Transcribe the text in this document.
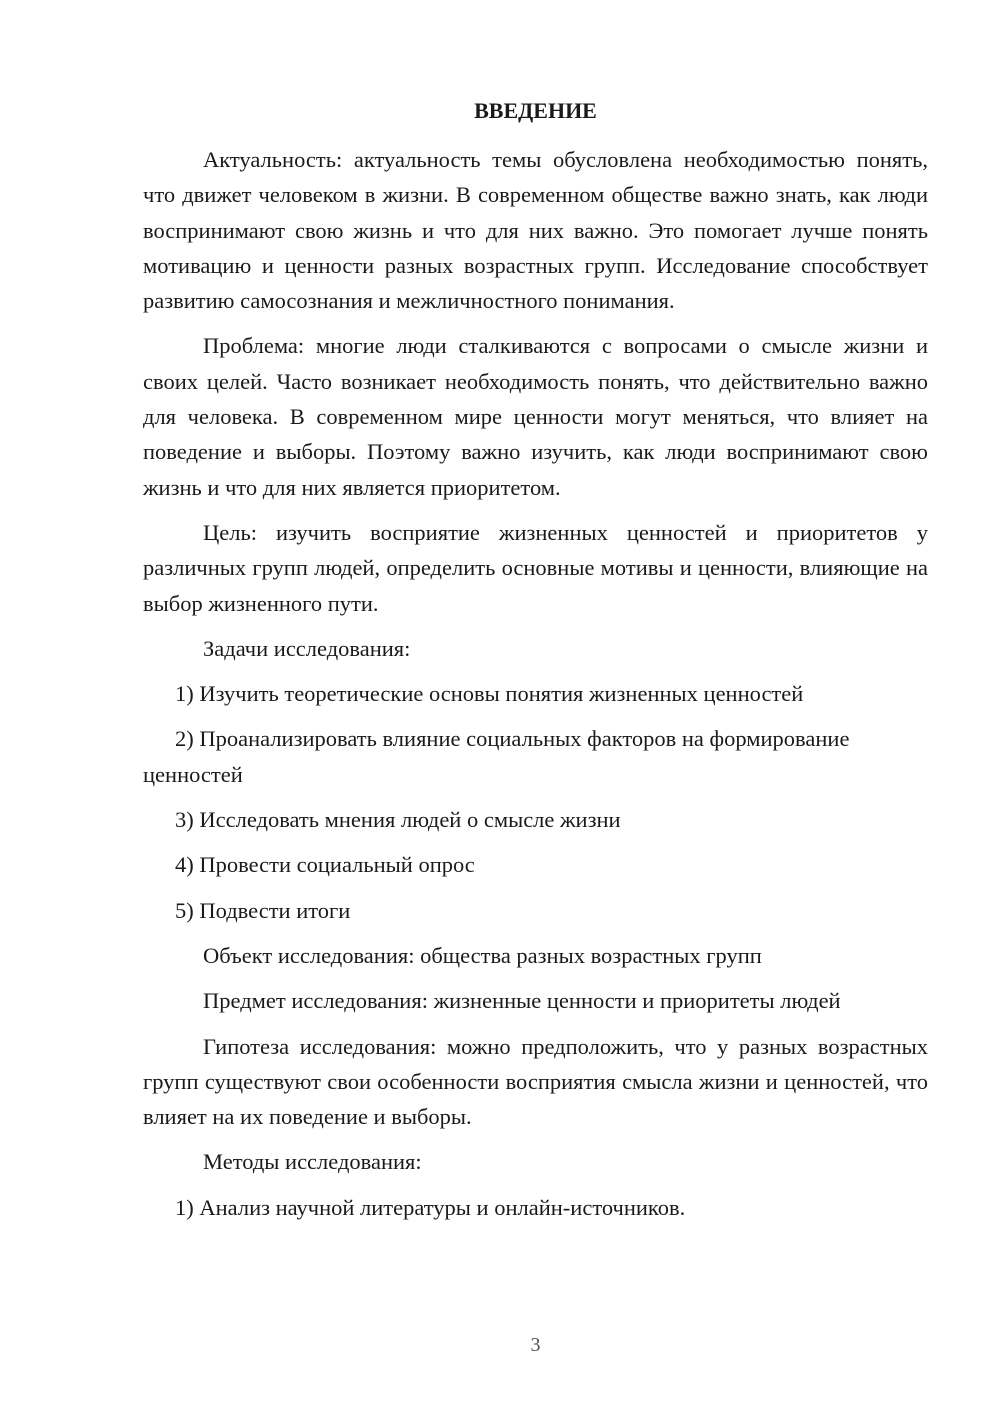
ВВЕДЕНИЕ

Актуальность: актуальность темы обусловлена необходимостью понять, что движет человеком в жизни. В современном обществе важно знать, как люди воспринимают свою жизнь и что для них важно. Это помогает лучше понять мотивацию и ценности разных возрастных групп. Исследование способствует развитию самосознания и межличностного понимания.

Проблема: многие люди сталкиваются с вопросами о смысле жизни и своих целей. Часто возникает необходимость понять, что действительно важно для человека. В современном мире ценности могут меняться, что влияет на поведение и выборы. Поэтому важно изучить, как люди воспринимают свою жизнь и что для них является приоритетом.

Цель: изучить восприятие жизненных ценностей и приоритетов у различных групп людей, определить основные мотивы и ценности, влияющие на выбор жизненного пути.

Задачи исследования:

1) Изучить теоретические основы понятия жизненных ценностей

2) Проанализировать влияние социальных факторов на формирование ценностей

3) Исследовать мнения людей о смысле жизни

4) Провести социальный опрос

5) Подвести итоги

Объект исследования: общества разных возрастных групп

Предмет исследования: жизненные ценности и приоритеты людей

Гипотеза исследования: можно предположить, что у разных возрастных групп существуют свои особенности восприятия смысла жизни и ценностей, что влияет на их поведение и выборы.

Методы исследования:

1) Анализ научной литературы и онлайн-источников.

3
